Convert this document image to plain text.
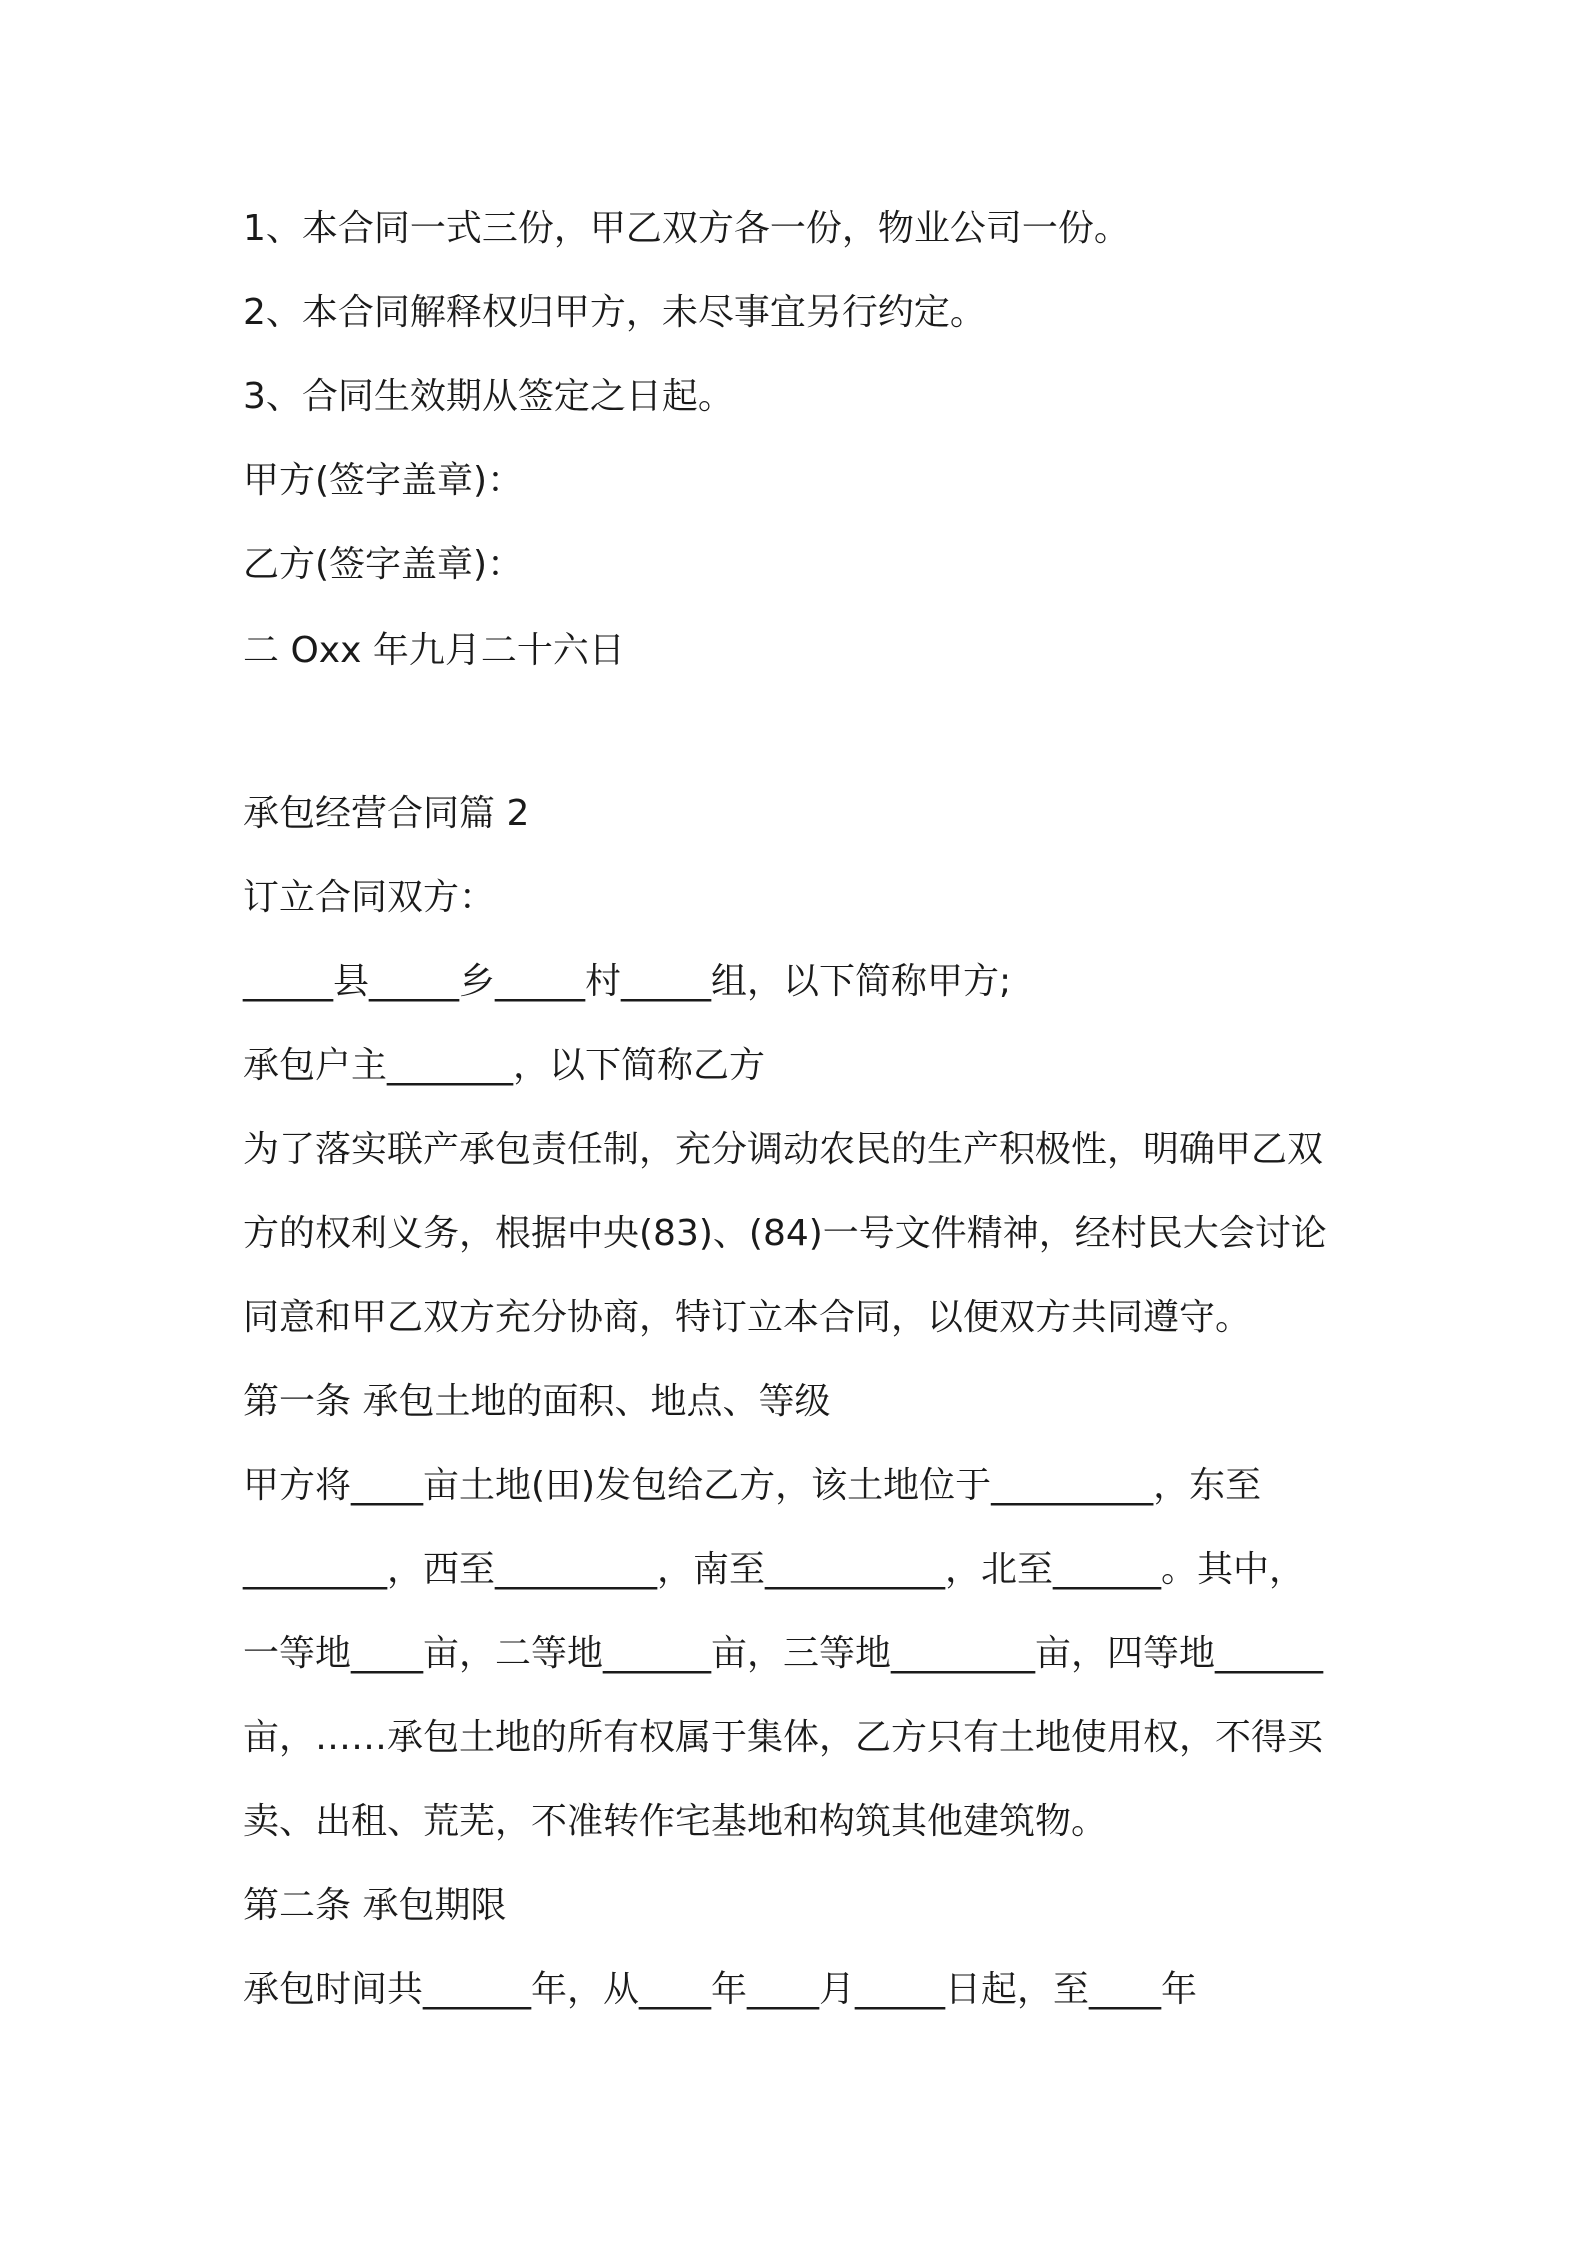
1、本合同一式三份，甲乙双方各一份，物业公司一份。
2、本合同解释权归甲方，未尽事宜另行约定。
3、合同生效期从签定之日起。
甲方(签字盖章)：
乙方(签字盖章)：
二 Oxx 年九月二十六日
承包经营合同篇 2
订立合同双方：
_____县_____乡_____村_____组，以下简称甲方;
承包户主_______，以下简称乙方
为了落实联产承包责任制，充分调动农民的生产积极性，明确甲乙双
方的权利义务，根据中央(83)、(84)一号文件精神，经村民大会讨论
同意和甲乙双方充分协商，特订立本合同，以便双方共同遵守。
第一条 承包土地的面积、地点、等级
甲方将____亩土地(田)发包给乙方，该土地位于_________，东至
________，西至_________，南至__________，北至______。其中，
一等地____亩，二等地______亩，三等地________亩，四等地______
亩，……承包土地的所有权属于集体，乙方只有土地使用权，不得买
卖、出租、荒芜，不准转作宅基地和构筑其他建筑物。
第二条 承包期限
承包时间共______年，从____年____月_____日起，至____年
